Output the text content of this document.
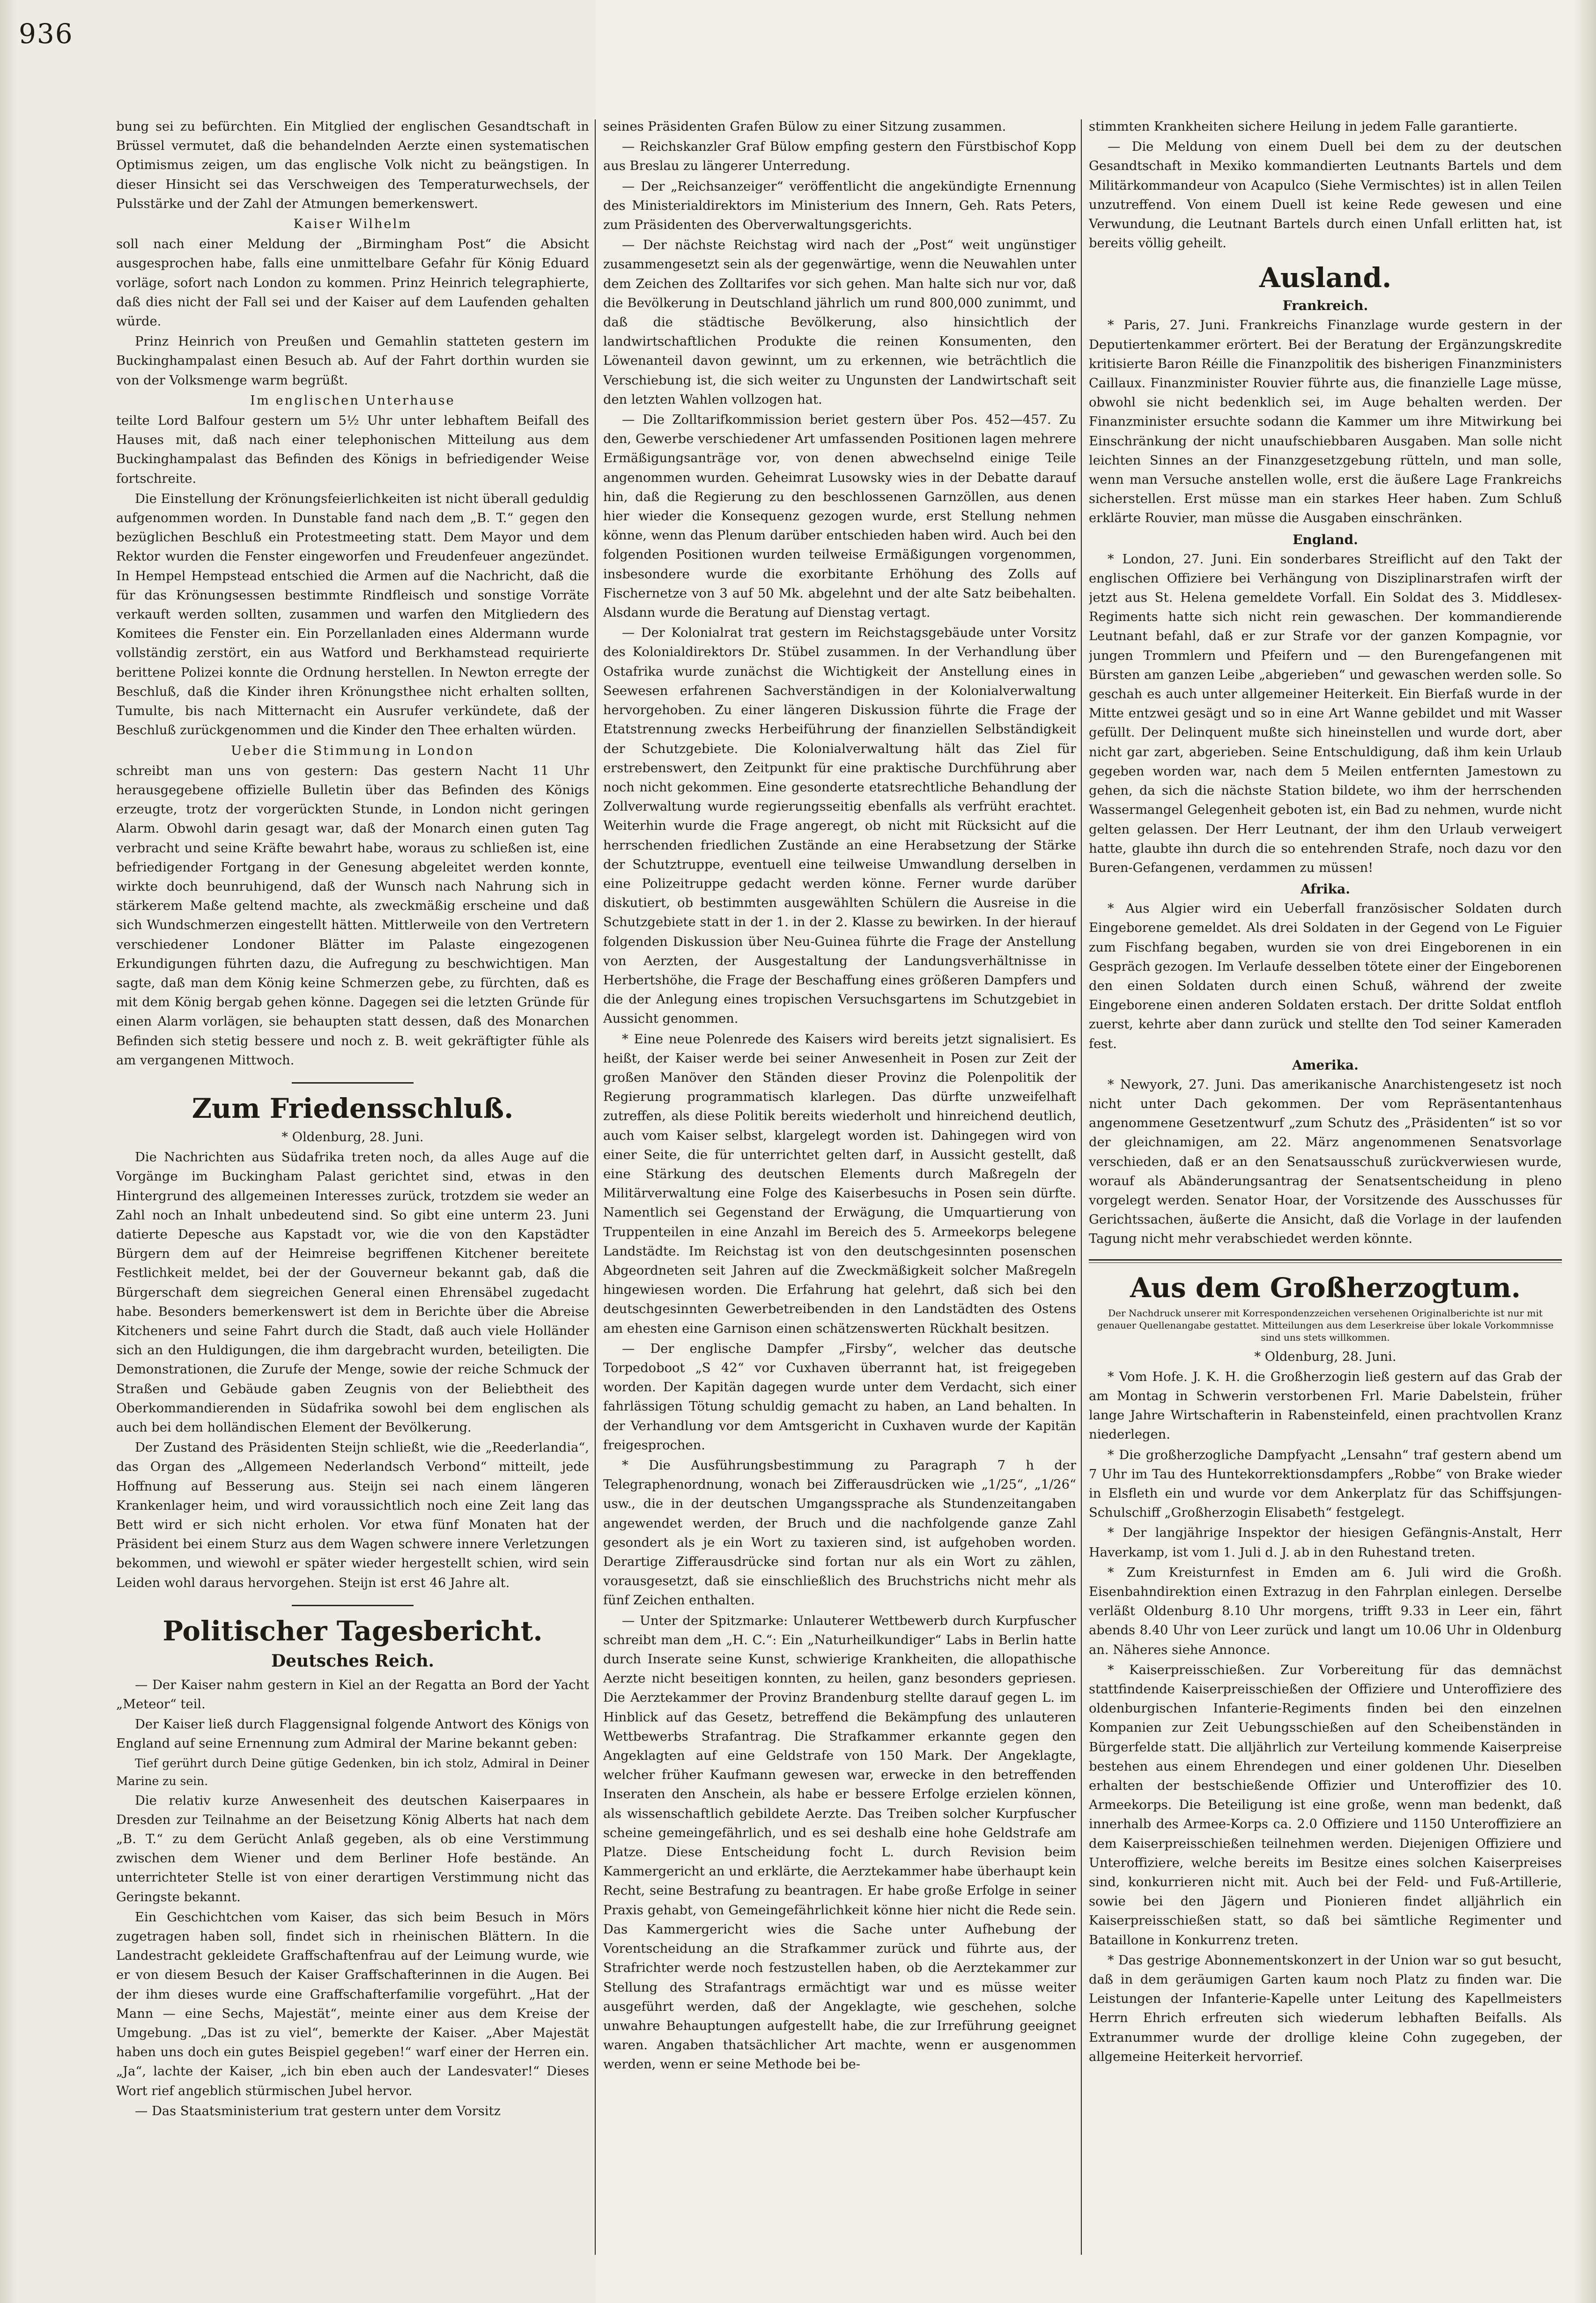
936

bung sei zu befürchten. Ein Mitglied der englischen Gesandtschaft in Brüssel vermutet, daß die behandelnden Aerzte einen systematischen Optimismus zeigen, um das englische Volk nicht zu beängstigen. In dieser Hinsicht sei das Verschweigen des Temperaturwechsels, der Pulsstärke und der Zahl der Atmungen bemerkenswert.

Kaiser Wilhelm

soll nach einer Meldung der „Birmingham Post“ die Absicht ausgesprochen habe, falls eine unmittelbare Gefahr für König Eduard vorläge, sofort nach London zu kommen. Prinz Heinrich telegraphierte, daß dies nicht der Fall sei und der Kaiser auf dem Laufenden gehalten würde.

Prinz Heinrich von Preußen und Gemahlin statteten gestern im Buckinghampalast einen Besuch ab. Auf der Fahrt dorthin wurden sie von der Volksmenge warm begrüßt.

Im englischen Unterhause

teilte Lord Balfour gestern um 5½ Uhr unter lebhaftem Beifall des Hauses mit, daß nach einer telephonischen Mitteilung aus dem Buckinghampalast das Befinden des Königs in befriedigender Weise fortschreite.

Die Einstellung der Krönungsfeierlichkeiten ist nicht überall geduldig aufgenommen worden. In Dunstable fand nach dem „B. T.“ gegen den bezüglichen Beschluß ein Protestmeeting statt. Dem Mayor und dem Rektor wurden die Fenster eingeworfen und Freudenfeuer angezündet. In Hempel Hempstead entschied die Armen auf die Nachricht, daß die für das Krönungsessen bestimmte Rindfleisch und sonstige Vorräte verkauft werden sollten, zusammen und warfen den Mitgliedern des Komitees die Fenster ein. Ein Porzellanladen eines Aldermann wurde vollständig zerstört, ein aus Watford und Berkhamstead requirierte berittene Polizei konnte die Ordnung herstellen. In Newton erregte der Beschluß, daß die Kinder ihren Krönungsthee nicht erhalten sollten, Tumulte, bis nach Mitternacht ein Ausrufer verkündete, daß der Beschluß zurückgenommen und die Kinder den Thee erhalten würden.

Ueber die Stimmung in London

schreibt man uns von gestern: Das gestern Nacht 11 Uhr herausgegebene offizielle Bulletin über das Befinden des Königs erzeugte, trotz der vorgerückten Stunde, in London nicht geringen Alarm. Obwohl darin gesagt war, daß der Monarch einen guten Tag verbracht und seine Kräfte bewahrt habe, woraus zu schließen ist, eine befriedigender Fortgang in der Genesung abgeleitet werden konnte, wirkte doch beunruhigend, daß der Wunsch nach Nahrung sich in stärkerem Maße geltend machte, als zweckmäßig erscheine und daß sich Wundschmerzen eingestellt hätten. Mittlerweile von den Vertretern verschiedener Londoner Blätter im Palaste eingezogenen Erkundigungen führten dazu, die Aufregung zu beschwichtigen. Man sagte, daß man dem König keine Schmerzen gebe, zu fürchten, daß es mit dem König bergab gehen könne. Dagegen sei die letzten Gründe für einen Alarm vorlägen, sie behaupten statt dessen, daß des Monarchen Befinden sich stetig bessere und noch z. B. weit gekräftigter fühle als am vergangenen Mittwoch.

Zum Friedensschluß.

* Oldenburg, 28. Juni.

Die Nachrichten aus Südafrika treten noch, da alles Auge auf die Vorgänge im Buckingham Palast gerichtet sind, etwas in den Hintergrund des allgemeinen Interesses zurück, trotzdem sie weder an Zahl noch an Inhalt unbedeutend sind. So gibt eine unterm 23. Juni datierte Depesche aus Kapstadt vor, wie die von den Kapstädter Bürgern dem auf der Heimreise begriffenen Kitchener bereitete Festlichkeit meldet, bei der der Gouverneur bekannt gab, daß die Bürgerschaft dem siegreichen General einen Ehrensäbel zugedacht habe. Besonders bemerkenswert ist dem in Berichte über die Abreise Kitcheners und seine Fahrt durch die Stadt, daß auch viele Holländer sich an den Huldigungen, die ihm dargebracht wurden, beteiligten. Die Demonstrationen, die Zurufe der Menge, sowie der reiche Schmuck der Straßen und Gebäude gaben Zeugnis von der Beliebtheit des Oberkommandierenden in Südafrika sowohl bei dem englischen als auch bei dem holländischen Element der Bevölkerung.

Der Zustand des Präsidenten Steijn schließt, wie die „Reederlandia“, das Organ des „Allgemeen Nederlandsch Verbond“ mitteilt, jede Hoffnung auf Besserung aus. Steijn sei nach einem längeren Krankenlager heim, und wird voraussichtlich noch eine Zeit lang das Bett wird er sich nicht erholen. Vor etwa fünf Monaten hat der Präsident bei einem Sturz aus dem Wagen schwere innere Verletzungen bekommen, und wiewohl er später wieder hergestellt schien, wird sein Leiden wohl daraus hervorgehen. Steijn ist erst 46 Jahre alt.

Politischer Tagesbericht.
Deutsches Reich.

— Der Kaiser nahm gestern in Kiel an der Regatta an Bord der Yacht „Meteor“ teil.

Der Kaiser ließ durch Flaggensignal folgende Antwort des Königs von England auf seine Ernennung zum Admiral der Marine bekannt geben:

Tief gerührt durch Deine gütige Gedenken, bin ich stolz, Admiral in Deiner Marine zu sein.

Die relativ kurze Anwesenheit des deutschen Kaiserpaares in Dresden zur Teilnahme an der Beisetzung König Alberts hat nach dem „B. T.“ zu dem Gerücht Anlaß gegeben, als ob eine Verstimmung zwischen dem Wiener und dem Berliner Hofe bestände. An unterrichteter Stelle ist von einer derartigen Verstimmung nicht das Geringste bekannt.

Ein Geschichtchen vom Kaiser, das sich beim Besuch in Mörs zugetragen haben soll, findet sich in rheinischen Blättern. In die Landestracht gekleidete Graffschaftenfrau auf der Leimung wurde, wie er von diesem Besuch der Kaiser Graffschafterinnen in die Augen. Bei der ihm dieses wurde eine Graffschafterfamilie vorgeführt. „Hat der Mann — eine Sechs, Majestät“, meinte einer aus dem Kreise der Umgebung. „Das ist zu viel“, bemerkte der Kaiser. „Aber Majestät haben uns doch ein gutes Beispiel gegeben!“ warf einer der Herren ein. „Ja“, lachte der Kaiser, „ich bin eben auch der Landesvater!“ Dieses Wort rief angeblich stürmischen Jubel hervor.

— Das Staatsministerium trat gestern unter dem Vorsitz

seines Präsidenten Grafen Bülow zu einer Sitzung zusammen.

— Reichskanzler Graf Bülow empfing gestern den Fürstbischof Kopp aus Breslau zu längerer Unterredung.

— Der „Reichsanzeiger“ veröffentlicht die angekündigte Ernennung des Ministerialdirektors im Ministerium des Innern, Geh. Rats Peters, zum Präsidenten des Oberverwaltungsgerichts.

— Der nächste Reichstag wird nach der „Post“ weit ungünstiger zusammengesetzt sein als der gegenwärtige, wenn die Neuwahlen unter dem Zeichen des Zolltarifes vor sich gehen. Man halte sich nur vor, daß die Bevölkerung in Deutschland jährlich um rund 800,000 zunimmt, und daß die städtische Bevölkerung, also hinsichtlich der landwirtschaftlichen Produkte die reinen Konsumenten, den Löwenanteil davon gewinnt, um zu erkennen, wie beträchtlich die Verschiebung ist, die sich weiter zu Ungunsten der Landwirtschaft seit den letzten Wahlen vollzogen hat.

— Die Zolltarifkommission beriet gestern über Pos. 452—457. Zu den, Gewerbe verschiedener Art umfassenden Positionen lagen mehrere Ermäßigungsanträge vor, von denen abwechselnd einige Teile angenommen wurden. Geheimrat Lusowsky wies in der Debatte darauf hin, daß die Regierung zu den beschlossenen Garnzöllen, aus denen hier wieder die Konsequenz gezogen wurde, erst Stellung nehmen könne, wenn das Plenum darüber entschieden haben wird. Auch bei den folgenden Positionen wurden teilweise Ermäßigungen vorgenommen, insbesondere wurde die exorbitante Erhöhung des Zolls auf Fischernetze von 3 auf 50 Mk. abgelehnt und der alte Satz beibehalten. Alsdann wurde die Beratung auf Dienstag vertagt.

— Der Kolonialrat trat gestern im Reichstagsgebäude unter Vorsitz des Kolonialdirektors Dr. Stübel zusammen. In der Verhandlung über Ostafrika wurde zunächst die Wichtigkeit der Anstellung eines in Seewesen erfahrenen Sachverständigen in der Kolonialverwaltung hervorgehoben. Zu einer längeren Diskussion führte die Frage der Etatstrennung zwecks Herbeiführung der finanziellen Selbständigkeit der Schutzgebiete. Die Kolonialverwaltung hält das Ziel für erstrebenswert, den Zeitpunkt für eine praktische Durchführung aber noch nicht gekommen. Eine gesonderte etatsrechtliche Behandlung der Zollverwaltung wurde regierungsseitig ebenfalls als verfrüht erachtet. Weiterhin wurde die Frage angeregt, ob nicht mit Rücksicht auf die herrschenden friedlichen Zustände an eine Herabsetzung der Stärke der Schutztruppe, eventuell eine teilweise Umwandlung derselben in eine Polizeitruppe gedacht werden könne. Ferner wurde darüber diskutiert, ob bestimmten ausgewählten Schülern die Ausreise in die Schutzgebiete statt in der 1. in der 2. Klasse zu bewirken. In der hierauf folgenden Diskussion über Neu-Guinea führte die Frage der Anstellung von Aerzten, der Ausgestaltung der Landungsverhältnisse in Herbertshöhe, die Frage der Beschaffung eines größeren Dampfers und die der Anlegung eines tropischen Versuchsgartens im Schutzgebiet in Aussicht genommen.

* Eine neue Polenrede des Kaisers wird bereits jetzt signalisiert. Es heißt, der Kaiser werde bei seiner Anwesenheit in Posen zur Zeit der großen Manöver den Ständen dieser Provinz die Polenpolitik der Regierung programmatisch klarlegen. Das dürfte unzweifelhaft zutreffen, als diese Politik bereits wiederholt und hinreichend deutlich, auch vom Kaiser selbst, klargelegt worden ist. Dahingegen wird von einer Seite, die für unterrichtet gelten darf, in Aussicht gestellt, daß eine Stärkung des deutschen Elements durch Maßregeln der Militärverwaltung eine Folge des Kaiserbesuchs in Posen sein dürfte. Namentlich sei Gegenstand der Erwägung, die Umquartierung von Truppenteilen in eine Anzahl im Bereich des 5. Armeekorps belegene Landstädte. Im Reichstag ist von den deutschgesinnten posenschen Abgeordneten seit Jahren auf die Zweckmäßigkeit solcher Maßregeln hingewiesen worden. Die Erfahrung hat gelehrt, daß sich bei den deutschgesinnten Gewerbetreibenden in den Landstädten des Ostens am ehesten eine Garnison einen schätzenswerten Rückhalt besitzen.

— Der englische Dampfer „Firsby“, welcher das deutsche Torpedoboot „S 42“ vor Cuxhaven überrannt hat, ist freigegeben worden. Der Kapitän dagegen wurde unter dem Verdacht, sich einer fahrlässigen Tötung schuldig gemacht zu haben, an Land behalten. In der Verhandlung vor dem Amtsgericht in Cuxhaven wurde der Kapitän freigesprochen.

* Die Ausführungsbestimmung zu Paragraph 7 h der Telegraphenordnung, wonach bei Zifferausdrücken wie „1/25“, „1/26“ usw., die in der deutschen Umgangssprache als Stundenzeitangaben angewendet werden, der Bruch und die nachfolgende ganze Zahl gesondert als je ein Wort zu taxieren sind, ist aufgehoben worden. Derartige Zifferausdrücke sind fortan nur als ein Wort zu zählen, vorausgesetzt, daß sie einschließlich des Bruchstrichs nicht mehr als fünf Zeichen enthalten.

— Unter der Spitzmarke: Unlauterer Wettbewerb durch Kurpfuscher schreibt man dem „H. C.“: Ein „Naturheilkundiger“ Labs in Berlin hatte durch Inserate seine Kunst, schwierige Krankheiten, die allopathische Aerzte nicht beseitigen konnten, zu heilen, ganz besonders gepriesen. Die Aerztekammer der Provinz Brandenburg stellte darauf gegen L. im Hinblick auf das Gesetz, betreffend die Bekämpfung des unlauteren Wettbewerbs Strafantrag. Die Strafkammer erkannte gegen den Angeklagten auf eine Geldstrafe von 150 Mark. Der Angeklagte, welcher früher Kaufmann gewesen war, erwecke in den betreffenden Inseraten den Anschein, als habe er bessere Erfolge erzielen können, als wissenschaftlich gebildete Aerzte. Das Treiben solcher Kurpfuscher scheine gemeingefährlich, und es sei deshalb eine hohe Geldstrafe am Platze. Diese Entscheidung focht L. durch Revision beim Kammergericht an und erklärte, die Aerztekammer habe überhaupt kein Recht, seine Bestrafung zu beantragen. Er habe große Erfolge in seiner Praxis gehabt, von Gemeingefährlichkeit könne hier nicht die Rede sein. Das Kammergericht wies die Sache unter Aufhebung der Vorentscheidung an die Strafkammer zurück und führte aus, der Strafrichter werde noch festzustellen haben, ob die Aerztekammer zur Stellung des Strafantrags ermächtigt war und es müsse weiter ausgeführt werden, daß der Angeklagte, wie geschehen, solche unwahre Behauptungen aufgestellt habe, die zur Irreführung geeignet waren. Angaben thatsächlicher Art machte, wenn er ausgenommen werden, wenn er seine Methode bei be-

stimmten Krankheiten sichere Heilung in jedem Falle garantierte.

— Die Meldung von einem Duell bei dem zu der deutschen Gesandtschaft in Mexiko kommandierten Leutnants Bartels und dem Militärkommandeur von Acapulco (Siehe Vermischtes) ist in allen Teilen unzutreffend. Von einem Duell ist keine Rede gewesen und eine Verwundung, die Leutnant Bartels durch einen Unfall erlitten hat, ist bereits völlig geheilt.

Ausland.
Frankreich.

* Paris, 27. Juni. Frankreichs Finanzlage wurde gestern in der Deputiertenkammer erörtert. Bei der Beratung der Ergänzungskredite kritisierte Baron Réille die Finanzpolitik des bisherigen Finanzministers Caillaux. Finanzminister Rouvier führte aus, die finanzielle Lage müsse, obwohl sie nicht bedenklich sei, im Auge behalten werden. Der Finanzminister ersuchte sodann die Kammer um ihre Mitwirkung bei Einschränkung der nicht unaufschiebbaren Ausgaben. Man solle nicht leichten Sinnes an der Finanzgesetzgebung rütteln, und man solle, wenn man Versuche anstellen wolle, erst die äußere Lage Frankreichs sicherstellen. Erst müsse man ein starkes Heer haben. Zum Schluß erklärte Rouvier, man müsse die Ausgaben einschränken.

England.

* London, 27. Juni. Ein sonderbares Streiflicht auf den Takt der englischen Offiziere bei Verhängung von Disziplinarstrafen wirft der jetzt aus St. Helena gemeldete Vorfall. Ein Soldat des 3. Middlesex-Regiments hatte sich nicht rein gewaschen. Der kommandierende Leutnant befahl, daß er zur Strafe vor der ganzen Kompagnie, vor jungen Trommlern und Pfeifern und — den Burengefangenen mit Bürsten am ganzen Leibe „abgerieben“ und gewaschen werden solle. So geschah es auch unter allgemeiner Heiterkeit. Ein Bierfaß wurde in der Mitte entzwei gesägt und so in eine Art Wanne gebildet und mit Wasser gefüllt. Der Delinquent mußte sich hineinstellen und wurde dort, aber nicht gar zart, abgerieben. Seine Entschuldigung, daß ihm kein Urlaub gegeben worden war, nach dem 5 Meilen entfernten Jamestown zu gehen, da sich die nächste Station bildete, wo ihm der herrschenden Wassermangel Gelegenheit geboten ist, ein Bad zu nehmen, wurde nicht gelten gelassen. Der Herr Leutnant, der ihm den Urlaub verweigert hatte, glaubte ihn durch die so entehrenden Strafe, noch dazu vor den Buren-Gefangenen, verdammen zu müssen!

Afrika.

* Aus Algier wird ein Ueberfall französischer Soldaten durch Eingeborene gemeldet. Als drei Soldaten in der Gegend von Le Figuier zum Fischfang begaben, wurden sie von drei Eingeborenen in ein Gespräch gezogen. Im Verlaufe desselben tötete einer der Eingeborenen den einen Soldaten durch einen Schuß, während der zweite Eingeborene einen anderen Soldaten erstach. Der dritte Soldat entfloh zuerst, kehrte aber dann zurück und stellte den Tod seiner Kameraden fest.

Amerika.

* Newyork, 27. Juni. Das amerikanische Anarchistengesetz ist noch nicht unter Dach gekommen. Der vom Repräsentantenhaus angenommene Gesetzentwurf „zum Schutz des „Präsidenten“ ist so vor der gleichnamigen, am 22. März angenommenen Senatsvorlage verschieden, daß er an den Senatsausschuß zurückverwiesen wurde, worauf als Abänderungsantrag der Senatsentscheidung in pleno vorgelegt werden. Senator Hoar, der Vorsitzende des Ausschusses für Gerichtssachen, äußerte die Ansicht, daß die Vorlage in der laufenden Tagung nicht mehr verabschiedet werden könnte.

Aus dem Großherzogtum.

Der Nachdruck unserer mit Korrespondenzzeichen versehenen Originalberichte ist nur mit genauer Quellenangabe gestattet. Mitteilungen aus dem Leserkreise über lokale Vorkommnisse sind uns stets willkommen.

* Oldenburg, 28. Juni.

* Vom Hofe. J. K. H. die Großherzogin ließ gestern auf das Grab der am Montag in Schwerin verstorbenen Frl. Marie Dabelstein, früher lange Jahre Wirtschafterin in Rabensteinfeld, einen prachtvollen Kranz niederlegen.

* Die großherzogliche Dampfyacht „Lensahn“ traf gestern abend um 7 Uhr im Tau des Huntekorrektionsdampfers „Robbe“ von Brake wieder in Elsfleth ein und wurde vor dem Ankerplatz für das Schiffsjungen-Schulschiff „Großherzogin Elisabeth“ festgelegt.

* Der langjährige Inspektor der hiesigen Gefängnis-Anstalt, Herr Haverkamp, ist vom 1. Juli d. J. ab in den Ruhestand treten.

* Zum Kreisturnfest in Emden am 6. Juli wird die Großh. Eisenbahndirektion einen Extrazug in den Fahrplan einlegen. Derselbe verläßt Oldenburg 8.10 Uhr morgens, trifft 9.33 in Leer ein, fährt abends 8.40 Uhr von Leer zurück und langt um 10.06 Uhr in Oldenburg an. Näheres siehe Annonce.

* Kaiserpreisschießen. Zur Vorbereitung für das demnächst stattfindende Kaiserpreisschießen der Offiziere und Unteroffiziere des oldenburgischen Infanterie-Regiments finden bei den einzelnen Kompanien zur Zeit Uebungsschießen auf den Scheibenständen in Bürgerfelde statt. Die alljährlich zur Verteilung kommende Kaiserpreise bestehen aus einem Ehrendegen und einer goldenen Uhr. Dieselben erhalten der bestschießende Offizier und Unteroffizier des 10. Armeekorps. Die Beteiligung ist eine große, wenn man bedenkt, daß innerhalb des Armee-Korps ca. 2.0 Offiziere und 1150 Unteroffiziere an dem Kaiserpreisschießen teilnehmen werden. Diejenigen Offiziere und Unteroffiziere, welche bereits im Besitze eines solchen Kaiserpreises sind, konkurrieren nicht mit. Auch bei der Feld- und Fuß-Artillerie, sowie bei den Jägern und Pionieren findet alljährlich ein Kaiserpreisschießen statt, so daß bei sämtliche Regimenter und Bataillone in Konkurrenz treten.

* Das gestrige Abonnementskonzert in der Union war so gut besucht, daß in dem geräumigen Garten kaum noch Platz zu finden war. Die Leistungen der Infanterie-Kapelle unter Leitung des Kapellmeisters Herrn Ehrich erfreuten sich wiederum lebhaften Beifalls. Als Extranummer wurde der drollige kleine Cohn zugegeben, der allgemeine Heiterkeit hervorrief.
